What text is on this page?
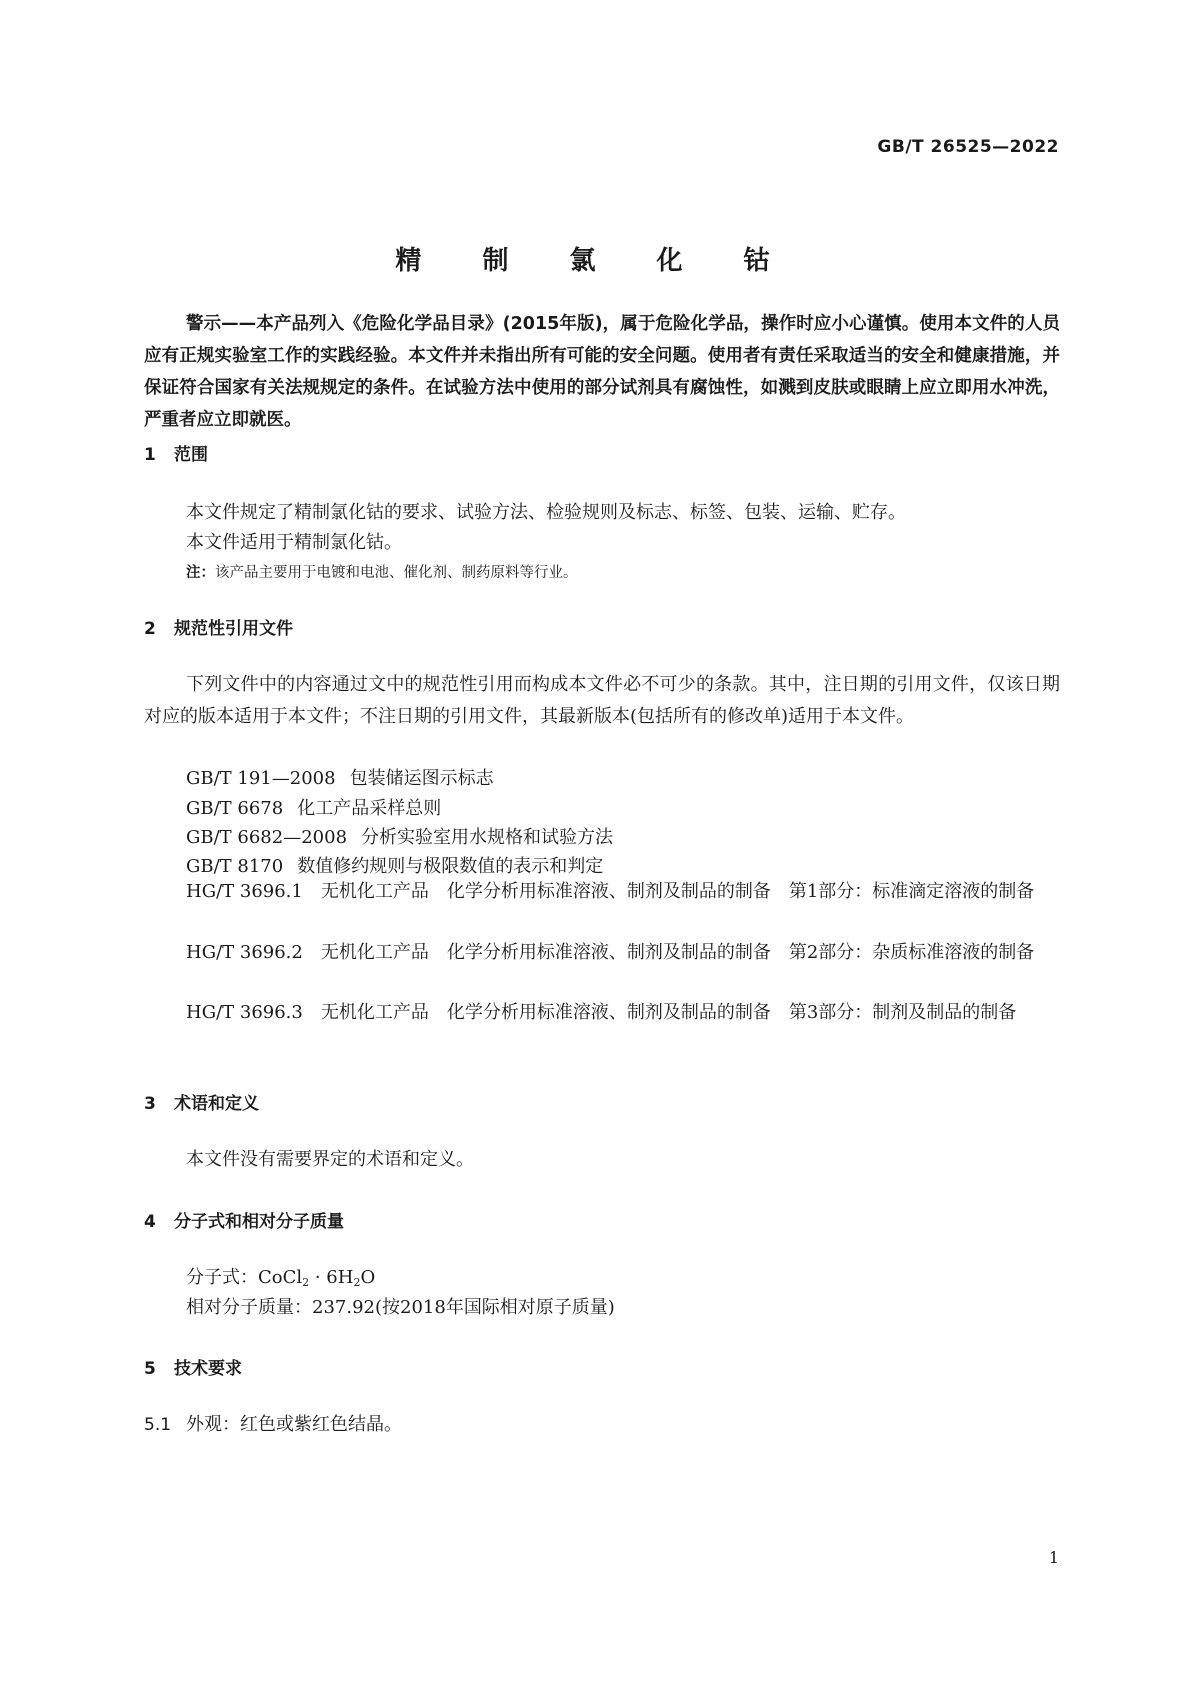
GB/T 26525—2022
精 制 氯 化 钴
警示——本产品列入《危险化学品目录》(2015年版)，属于危险化学品，操作时应小心谨慎。使用本文件的人员应有正规实验室工作的实践经验。本文件并未指出所有可能的安全问题。使用者有责任采取适当的安全和健康措施，并保证符合国家有关法规规定的条件。在试验方法中使用的部分试剂具有腐蚀性，如溅到皮肤或眼睛上应立即用水冲洗，严重者应立即就医。
1 范围
本文件规定了精制氯化钴的要求、试验方法、检验规则及标志、标签、包装、运输、贮存。
本文件适用于精制氯化钴。
注：该产品主要用于电镀和电池、催化剂、制药原料等行业。
2 规范性引用文件
下列文件中的内容通过文中的规范性引用而构成本文件必不可少的条款。其中，注日期的引用文件，仅该日期对应的版本适用于本文件；不注日期的引用文件，其最新版本(包括所有的修改单)适用于本文件。
GB/T 191—2008 包装储运图示标志
GB/T 6678 化工产品采样总则
GB/T 6682—2008 分析实验室用水规格和试验方法
GB/T 8170 数值修约规则与极限数值的表示和判定
HG/T 3696.1　 无机化工产品　化学分析用标准溶液、制剂及制品的制备　第1部分：标准滴定溶液的制备
HG/T 3696.2　 无机化工产品　化学分析用标准溶液、制剂及制品的制备　第2部分：杂质标准溶液的制备
HG/T 3696.3　 无机化工产品　化学分析用标准溶液、制剂及制品的制备　第3部分：制剂及制品的制备
3 术语和定义
本文件没有需要界定的术语和定义。
4 分子式和相对分子质量
分子式：CoCl$_2$ · $6H_2O$
相对分子质量：237.92(按2018年国际相对原子质量)
5 技术要求
5.1 外观：红色或紫红色结晶。
1
